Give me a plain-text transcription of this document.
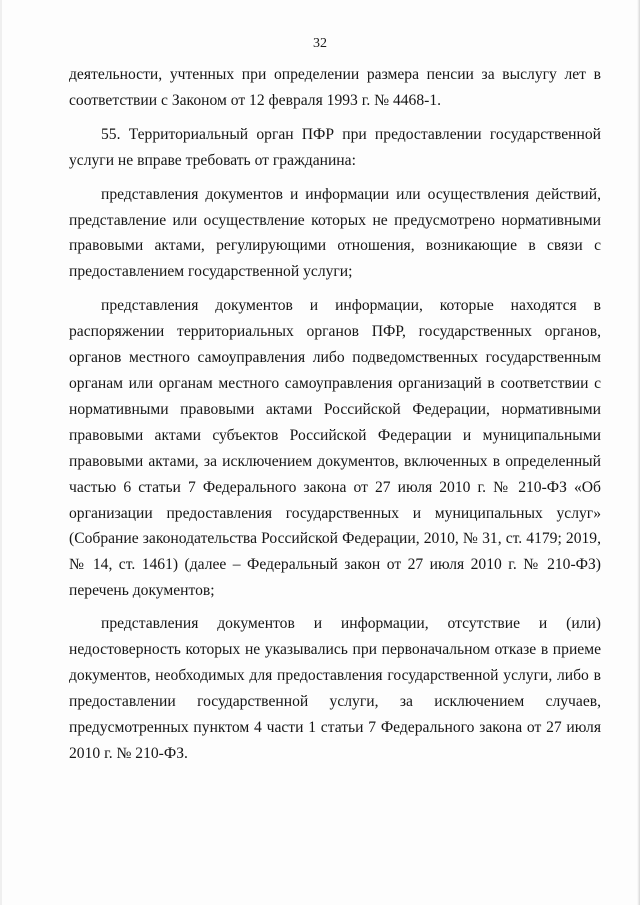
32

деятельности, учтенных при определении размера пенсии за выслугу лет в соответствии с Законом от 12 февраля 1993 г. № 4468-1.

55. Территориальный орган ПФР при предоставлении государственной услуги не вправе требовать от гражданина:

представления документов и информации или осуществления действий, представление или осуществление которых не предусмотрено нормативными правовыми актами, регулирующими отношения, возникающие в связи с предоставлением государственной услуги;

представления документов и информации, которые находятся в распоряжении территориальных органов ПФР, государственных органов, органов местного самоуправления либо подведомственных государственным органам или органам местного самоуправления организаций в соответствии с нормативными правовыми актами Российской Федерации, нормативными правовыми актами субъектов Российской Федерации и муниципальными правовыми актами, за исключением документов, включенных в определенный частью 6 статьи 7 Федерального закона от 27 июля 2010 г. № 210-ФЗ «Об организации предоставления государственных и муниципальных услуг» (Собрание законодательства Российской Федерации, 2010, № 31, ст. 4179; 2019, № 14, ст. 1461) (далее – Федеральный закон от 27 июля 2010 г. № 210-ФЗ) перечень документов;

представления документов и информации, отсутствие и (или) недостоверность которых не указывались при первоначальном отказе в приеме документов, необходимых для предоставления государственной услуги, либо в предоставлении государственной услуги, за исключением случаев, предусмотренных пунктом 4 части 1 статьи 7 Федерального закона от 27 июля 2010 г. № 210-ФЗ.
